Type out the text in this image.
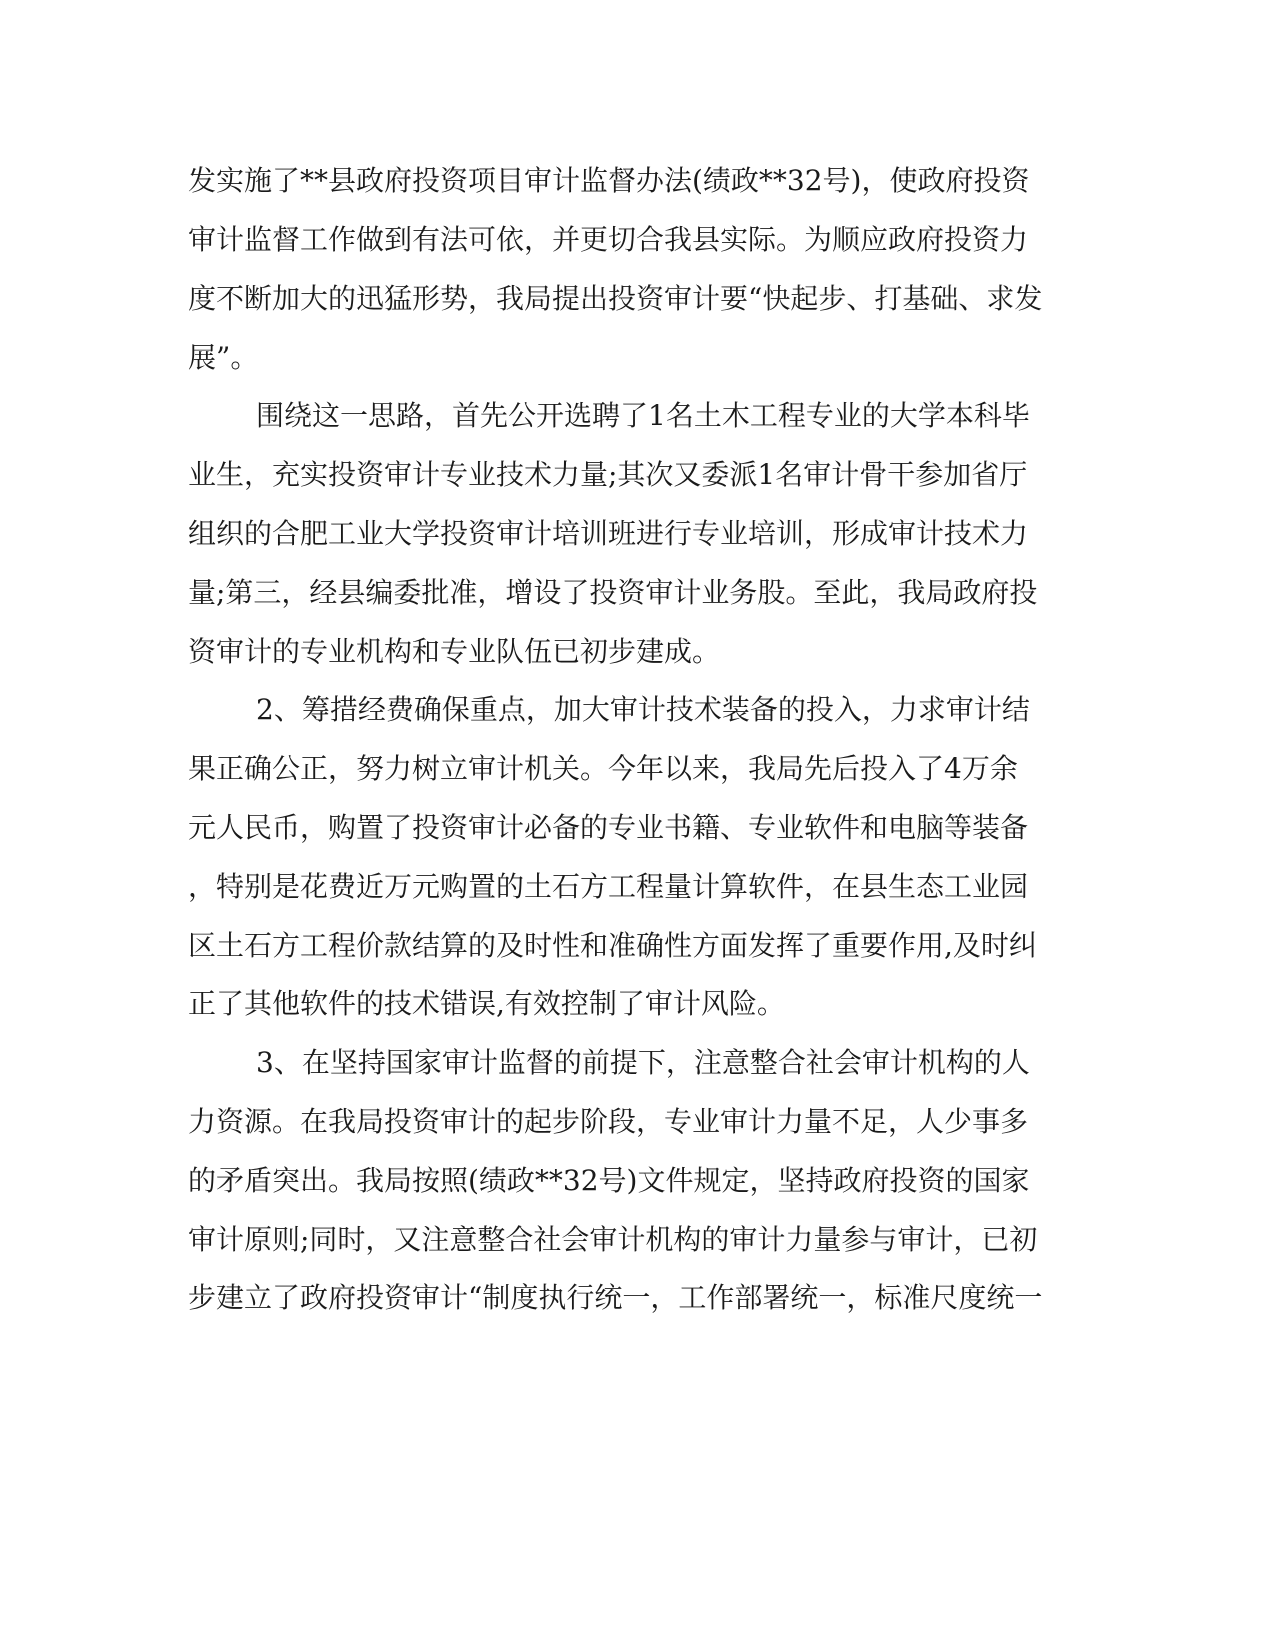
发实施了**县政府投资项目审计监督办法(绩政**32号)，使政府投资
审计监督工作做到有法可依，并更切合我县实际。为顺应政府投资力
度不断加大的迅猛形势，我局提出投资审计要“快起步、打基础、求发
展”。
围绕这一思路，首先公开选聘了1名土木工程专业的大学本科毕
业生，充实投资审计专业技术力量;其次又委派1名审计骨干参加省厅
组织的合肥工业大学投资审计培训班进行专业培训，形成审计技术力
量;第三，经县编委批准，增设了投资审计业务股。至此，我局政府投
资审计的专业机构和专业队伍已初步建成。
2、筹措经费确保重点，加大审计技术装备的投入，力求审计结
果正确公正，努力树立审计机关。今年以来，我局先后投入了4万余
元人民币，购置了投资审计必备的专业书籍、专业软件和电脑等装备
，特别是花费近万元购置的土石方工程量计算软件，在县生态工业园
区土石方工程价款结算的及时性和准确性方面发挥了重要作用,及时纠
正了其他软件的技术错误,有效控制了审计风险。
3、在坚持国家审计监督的前提下，注意整合社会审计机构的人
力资源。在我局投资审计的起步阶段，专业审计力量不足，人少事多
的矛盾突出。我局按照(绩政**32号)文件规定，坚持政府投资的国家
审计原则;同时，又注意整合社会审计机构的审计力量参与审计，已初
步建立了政府投资审计“制度执行统一，工作部署统一，标准尺度统一
